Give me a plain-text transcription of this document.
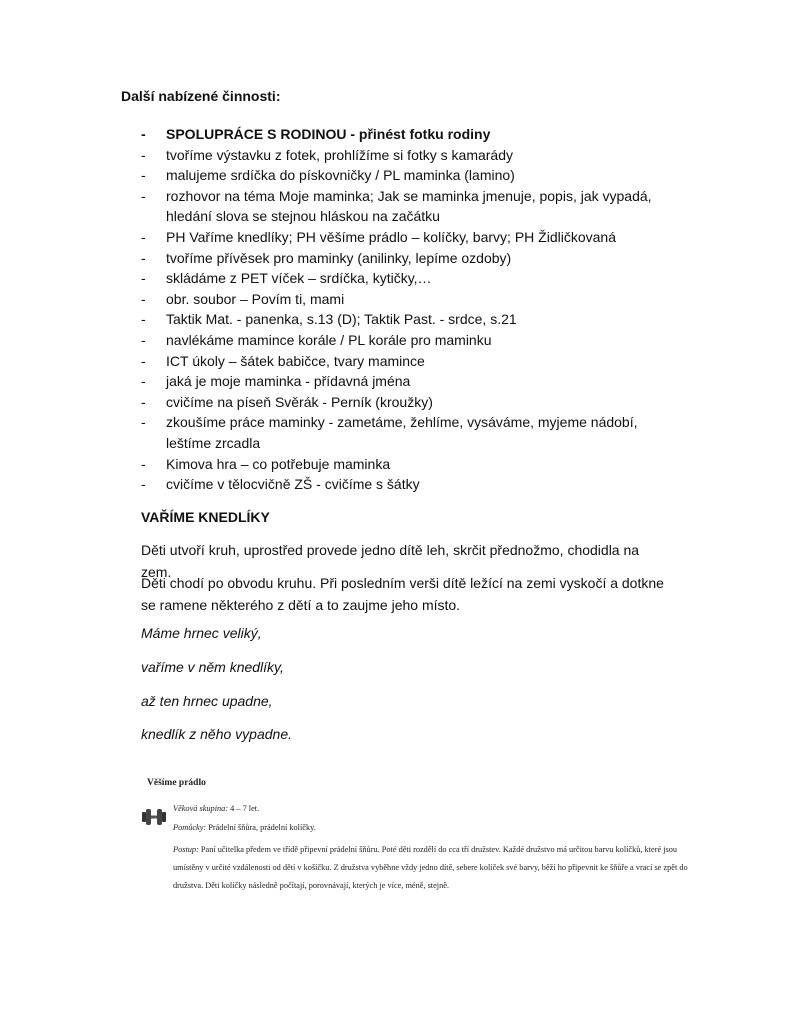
Další nabízené činnosti:
- SPOLUPRÁCE S RODINOU - přinést fotku rodiny
- tvoříme výstavku z fotek, prohlížíme si fotky s kamarády
- malujeme srdíčka do pískovničky / PL maminka (lamino)
- rozhovor na téma Moje maminka; Jak se maminka jmenuje, popis, jak vypadá, hledání slova se stejnou hláskou na začátku
- PH Vaříme knedlíky; PH věšíme prádlo – kolíčky, barvy; PH Židličkovaná
- tvoříme přívěsek pro maminky (anilinky, lepíme ozdoby)
- skládáme z PET víček – srdíčka, kytičky,…
- obr. soubor – Povím ti, mami
- Taktik Mat. - panenka, s.13 (D); Taktik Past. - srdce, s.21
- navlékáme mamince korále / PL korále pro maminku
- ICT úkoly – šátek babičce, tvary mamince
- jaká je moje maminka - přídavná jména
- cvičíme na píseň Svěrák - Perník (kroužky)
- zkoušíme práce maminky - zametáme, žehlíme, vysáváme, myjeme nádobí, leštíme zrcadla
- Kimova hra – co potřebuje maminka
- cvičíme v tělocvičně ZŠ - cvičíme s šátky
VAŘÍME KNEDLÍKY
Děti utvoří kruh, uprostřed provede jedno dítě leh, skrčit přednožmo, chodidla na zem.
Děti chodí po obvodu kruhu. Při posledním verši dítě ležící na zemi vyskočí a dotkne se ramene některého z dětí a to zaujme jeho místo.
Máme hrnec veliký,
vaříme v něm knedlíky,
až ten hrnec upadne,
knedlík z něho vypadne.
Věšíme prádlo
Věková skupina: 4 – 7 let.
Pomůcky: Prádelní šňůra, prádelní kolíčky.
Postup: Paní učitelka předem ve třídě připevní prádelní šňůru. Poté děti rozdělí do cca tří družstev. Každé družstvo má určitou barvu kolíčků, které jsou umístěny v určité vzdálenosti od dětí v košíčku. Z družstva vyběhne vždy jedno dítě, sebere kolíček své barvy, běží ho připevnit ke šňůře a vrací se zpět do družstva. Děti kolíčky následně počítají, porovnávají, kterých je více, méně, stejně.
